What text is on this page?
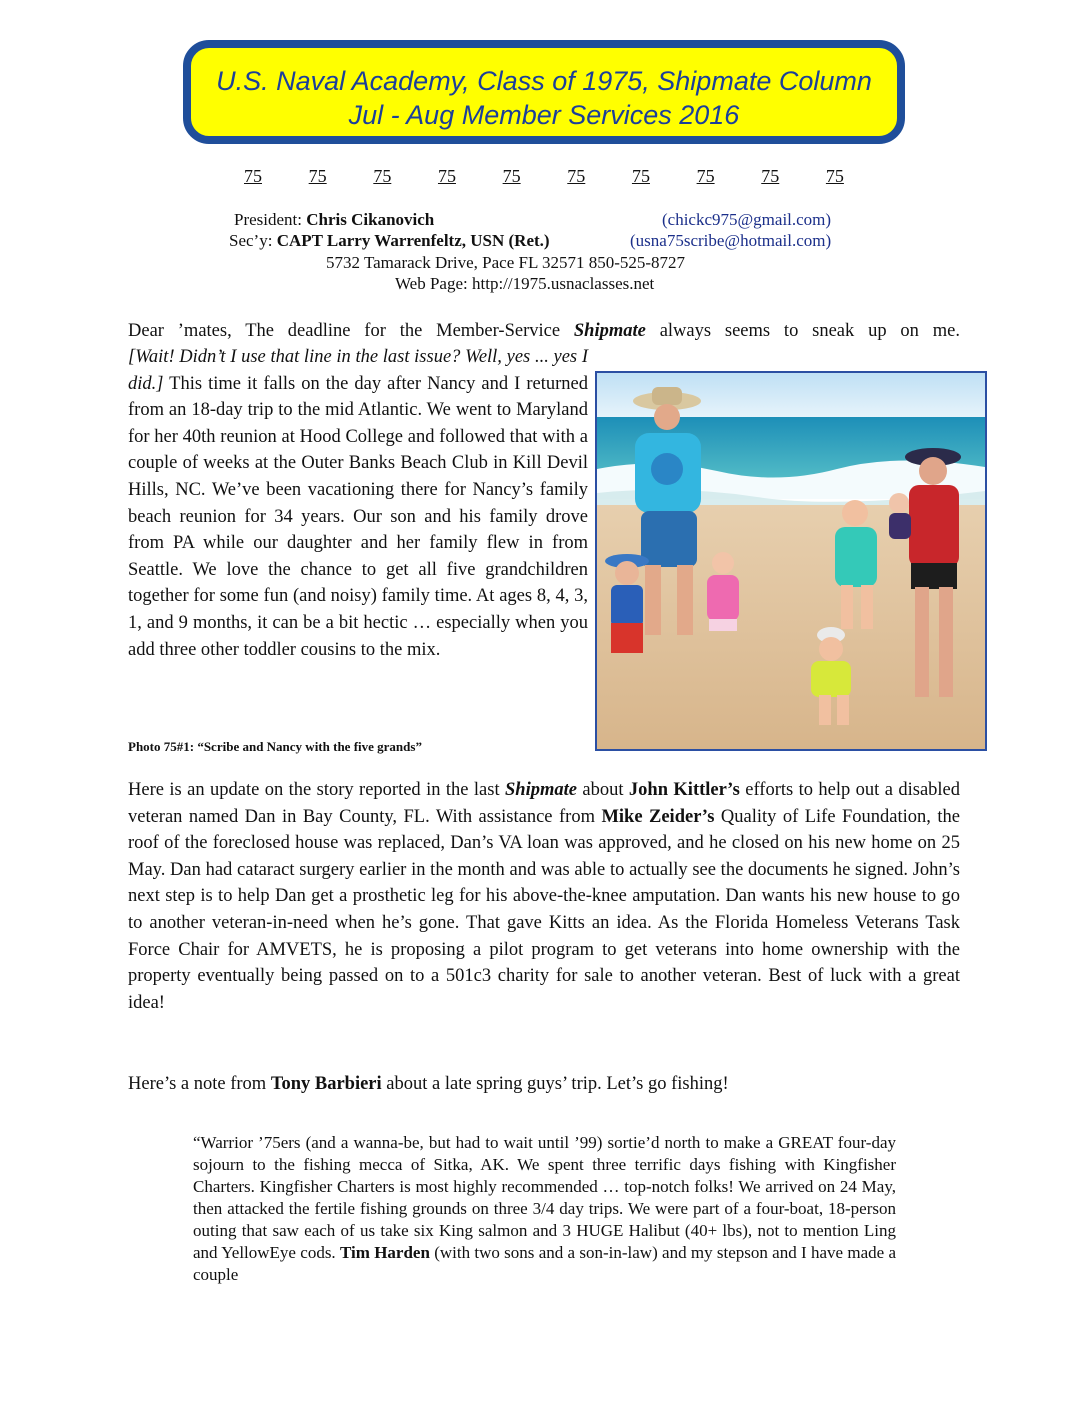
U.S. Naval Academy, Class of 1975, Shipmate Column
Jul - Aug Member Services 2016
75	75	75	75	75	75	75	75	75	75
President: Chris Cikanovich	(chickc975@gmail.com)
Sec’y: CAPT Larry Warrenfeltz, USN (Ret.)	(usna75scribe@hotmail.com)
5732 Tamarack Drive, Pace FL 32571 850-525-8727
Web Page: http://1975.usnaclasses.net

Dear ’mates, The deadline for the Member-Service Shipmate always seems to sneak up on me.

[Wait! Didn’t I use that line in the last issue? Well, yes ... yes I did.] This time it falls on the day after Nancy and I returned from an 18-day trip to the mid Atlantic. We went to Maryland for her 40th reunion at Hood College and followed that with a couple of weeks at the Outer Banks Beach Club in Kill Devil Hills, NC. We’ve been vacationing there for Nancy’s family beach reunion for 34 years. Our son and his family drove from PA while our daughter and her family flew in from Seattle. We love the chance to get all five grandchildren together for some fun (and noisy) family time. At ages 8, 4, 3, 1, and 9 months, it can be a bit hectic … especially when you add three other toddler cousins to the mix.

Photo 75#1: “Scribe and Nancy with the five grands”

Here is an update on the story reported in the last Shipmate about John Kittler’s efforts to help out a disabled veteran named Dan in Bay County, FL. With assistance from Mike Zeider’s Quality of Life Foundation, the roof of the foreclosed house was replaced, Dan’s VA loan was approved, and he closed on his new home on 25 May. Dan had cataract surgery earlier in the month and was able to actually see the documents he signed. John’s next step is to help Dan get a prosthetic leg for his above-the-knee amputation. Dan wants his new house to go to another veteran-in-need when he’s gone. That gave Kitts an idea. As the Florida Homeless Veterans Task Force Chair for AMVETS, he is proposing a pilot program to get veterans into home ownership with the property eventually being passed on to a 501c3 charity for sale to another veteran. Best of luck with a great idea!

Here’s a note from Tony Barbieri about a late spring guys’ trip. Let’s go fishing!

“Warrior ’75ers (and a wanna-be, but had to wait until ’99) sortie’d north to make a GREAT four-day sojourn to the fishing mecca of Sitka, AK. We spent three terrific days fishing with Kingfisher Charters. Kingfisher Charters is most highly recommended … top-notch folks! We arrived on 24 May, then attacked the fertile fishing grounds on three 3/4 day trips. We were part of a four-boat, 18-person outing that saw each of us take six King salmon and 3 HUGE Halibut (40+ lbs), not to mention Ling and YellowEye cods. Tim Harden (with two sons and a son-in-law) and my stepson and I have made a couple
